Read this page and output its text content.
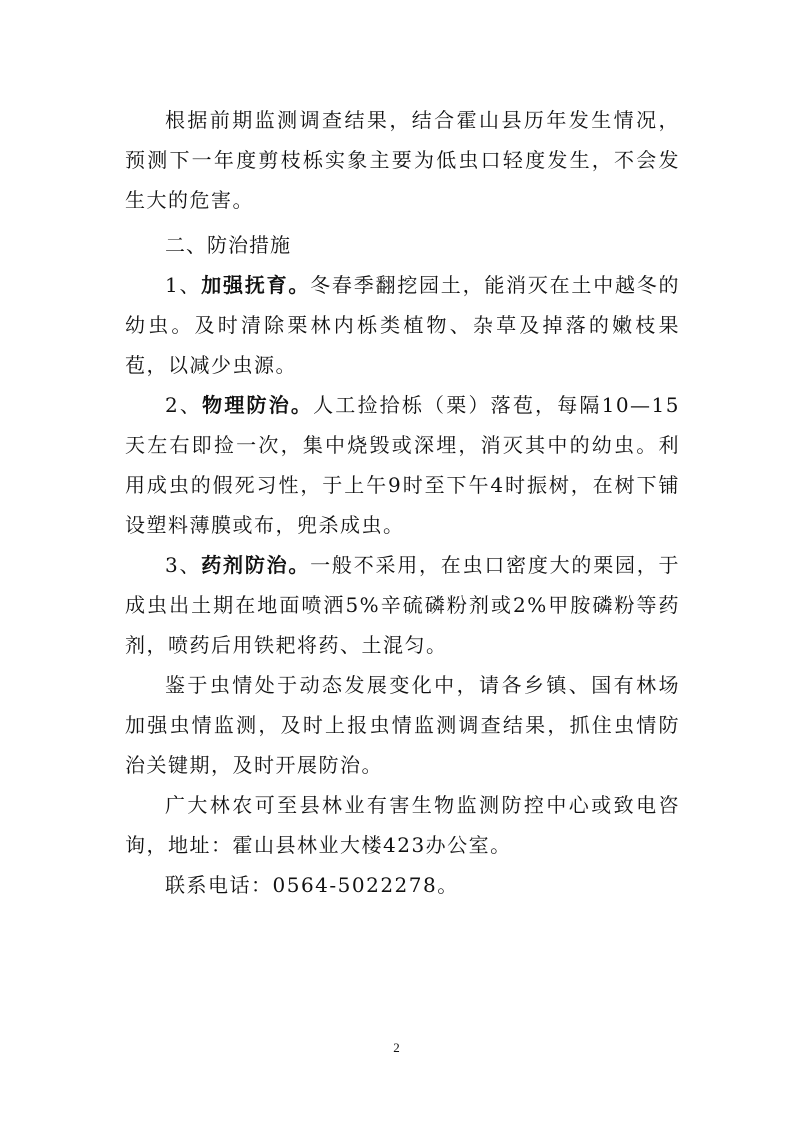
根据前期监测调查结果，结合霍山县历年发生情况，预测下一年度剪枝栎实象主要为低虫口轻度发生，不会发生大的危害。

二、防治措施

1、加强抚育。冬春季翻挖园土，能消灭在土中越冬的幼虫。及时清除栗林内栎类植物、杂草及掉落的嫩枝果苞，以减少虫源。

2、物理防治。人工捡拾栎（栗）落苞，每隔10—15天左右即捡一次，集中烧毁或深埋，消灭其中的幼虫。利用成虫的假死习性，于上午9时至下午4时振树，在树下铺设塑料薄膜或布，兜杀成虫。

3、药剂防治。一般不采用，在虫口密度大的栗园，于成虫出土期在地面喷洒5%辛硫磷粉剂或2%甲胺磷粉等药剂，喷药后用铁耙将药、土混匀。

鉴于虫情处于动态发展变化中，请各乡镇、国有林场加强虫情监测，及时上报虫情监测调查结果，抓住虫情防治关键期，及时开展防治。

广大林农可至县林业有害生物监测防控中心或致电咨询，地址：霍山县林业大楼423办公室。

联系电话：0564-5022278。

2
